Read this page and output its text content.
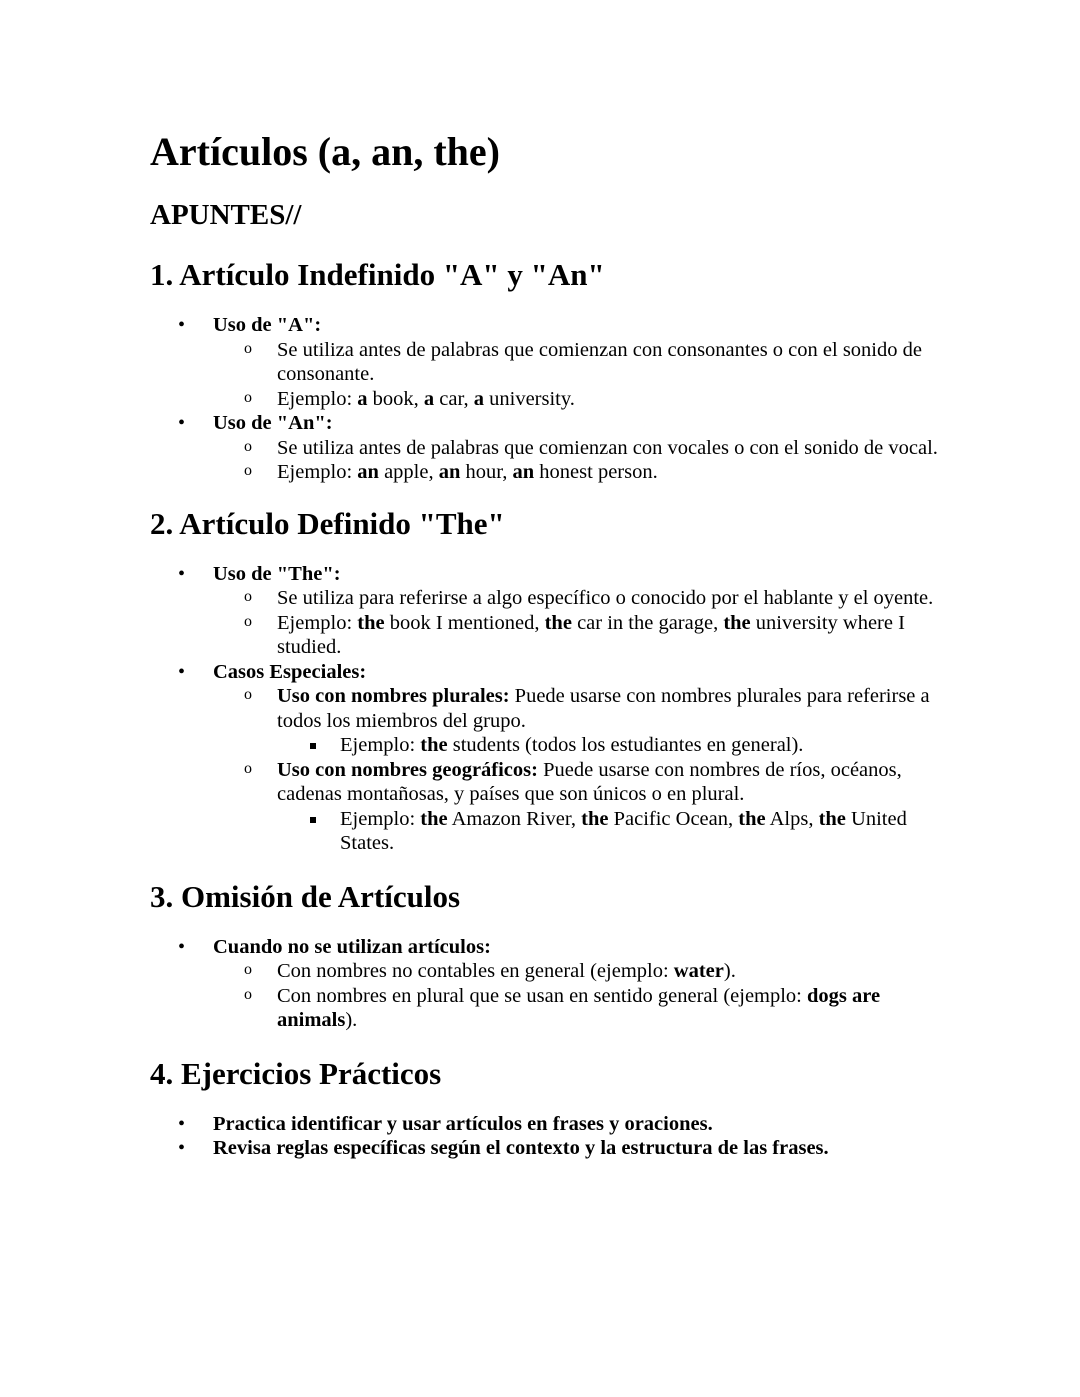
Artículos (a, an, the)
APUNTES//
1. Artículo Indefinido "A" y "An"
• Uso de "A":
o Se utiliza antes de palabras que comienzan con consonantes o con el sonido de consonante.
o Ejemplo: a book, a car, a university.
• Uso de "An":
o Se utiliza antes de palabras que comienzan con vocales o con el sonido de vocal.
o Ejemplo: an apple, an hour, an honest person.
2. Artículo Definido "The"
• Uso de "The":
o Se utiliza para referirse a algo específico o conocido por el hablante y el oyente.
o Ejemplo: the book I mentioned, the car in the garage, the university where I studied.
• Casos Especiales:
o Uso con nombres plurales: Puede usarse con nombres plurales para referirse a todos los miembros del grupo.
Ejemplo: the students (todos los estudiantes en general).
o Uso con nombres geográficos: Puede usarse con nombres de ríos, océanos, cadenas montañosas, y países que son únicos o en plural.
Ejemplo: the Amazon River, the Pacific Ocean, the Alps, the United States.
3. Omisión de Artículos
• Cuando no se utilizan artículos:
o Con nombres no contables en general (ejemplo: water).
o Con nombres en plural que se usan en sentido general (ejemplo: dogs are animals).
4. Ejercicios Prácticos
• Practica identificar y usar artículos en frases y oraciones.
• Revisa reglas específicas según el contexto y la estructura de las frases.
